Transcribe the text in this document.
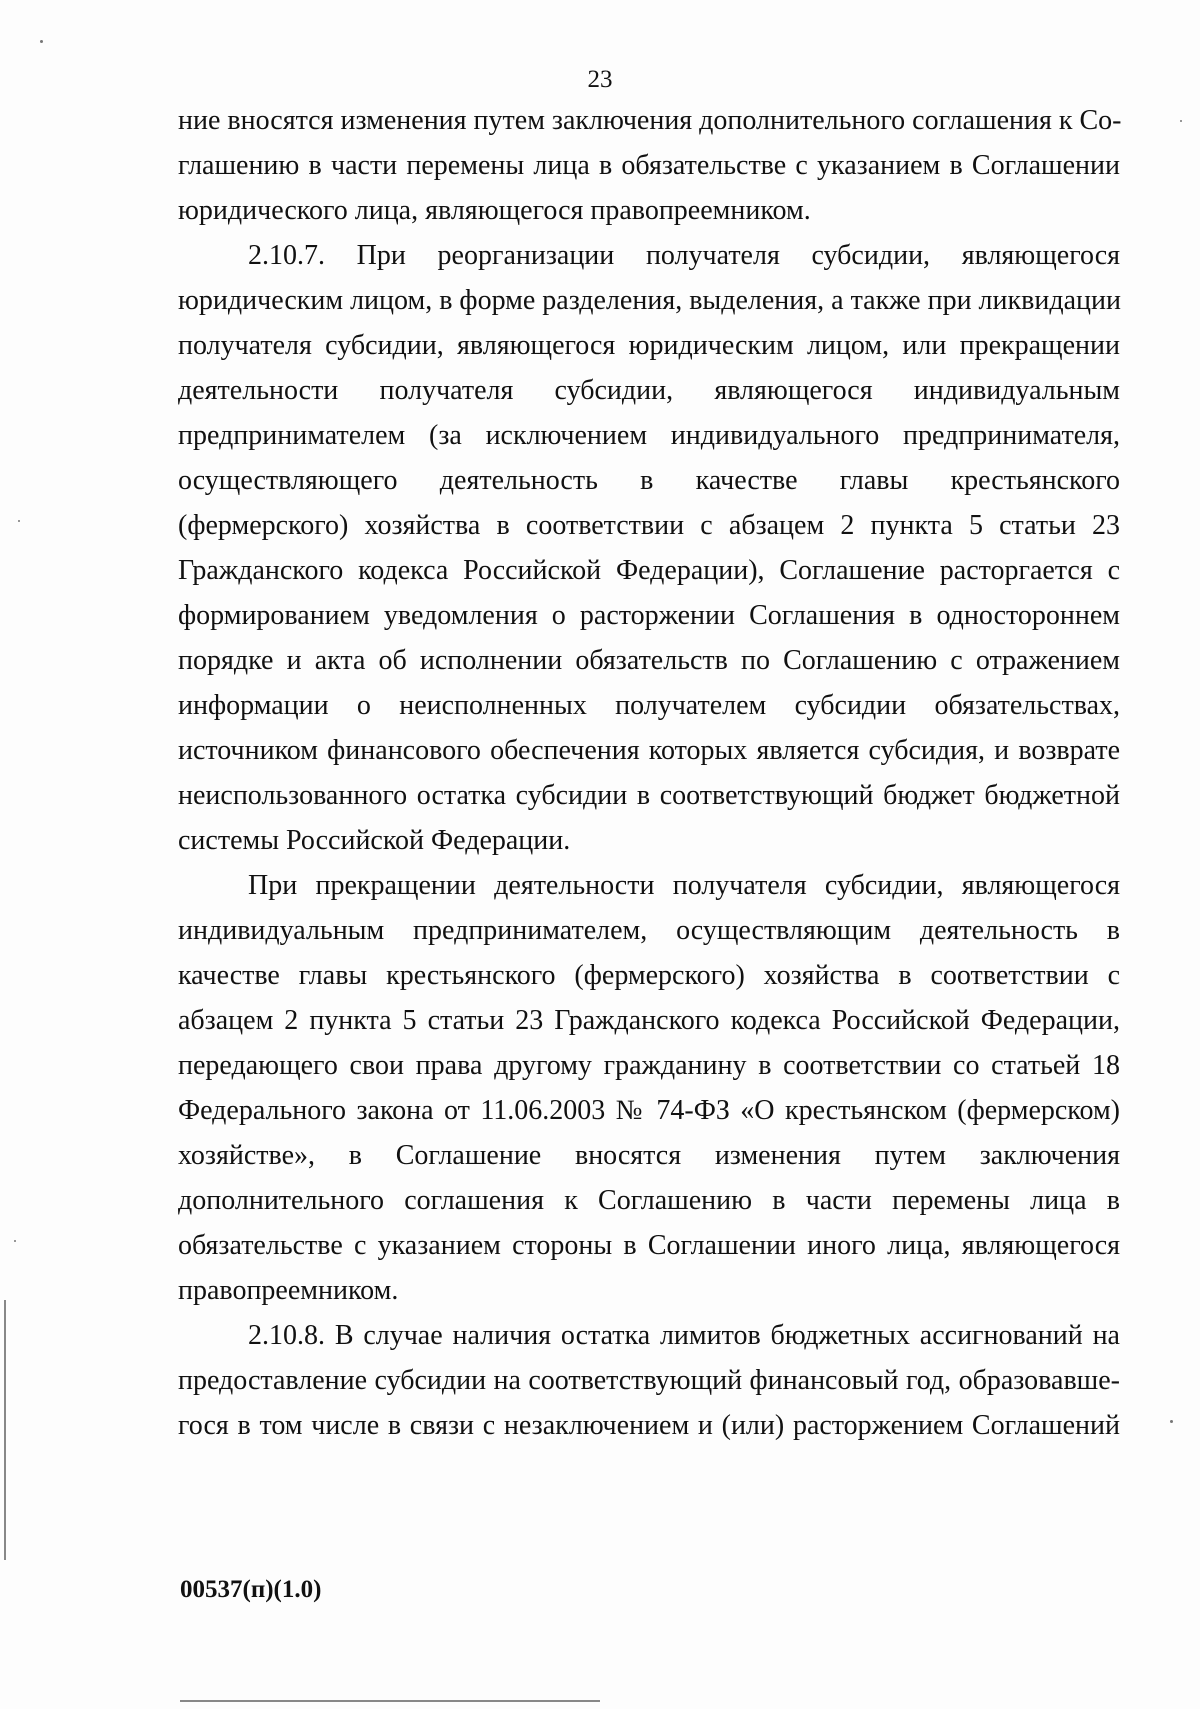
23
ние вносятся изменения путем заключения дополнительного соглашения к Со-
глашению в части перемены лица в обязательстве с указанием в Соглашении
юридического лица, являющегося правопреемником.
2.10.7. При реорганизации получателя субсидии, являющегося
юридическим лицом, в форме разделения, выделения, а также при ликвидации
получателя субсидии, являющегося юридическим лицом, или прекращении
деятельности получателя субсидии, являющегося индивидуальным
предпринимателем (за исключением индивидуального предпринимателя,
осуществляющего деятельность в качестве главы крестьянского
(фермерского) хозяйства в соответствии с абзацем 2 пункта 5 статьи 23
Гражданского кодекса Российской Федерации), Соглашение расторгается с
формированием уведомления о расторжении Соглашения в одностороннем
порядке и акта об исполнении обязательств по Соглашению с отражением
информации о неисполненных получателем субсидии обязательствах,
источником финансового обеспечения которых является субсидия, и возврате
неиспользованного остатка субсидии в соответствующий бюджет бюджетной
системы Российской Федерации.
При прекращении деятельности получателя субсидии, являющегося
индивидуальным предпринимателем, осуществляющим деятельность в
качестве главы крестьянского (фермерского) хозяйства в соответствии с
абзацем 2 пункта 5 статьи 23 Гражданского кодекса Российской Федерации,
передающего свои права другому гражданину в соответствии со статьей 18
Федерального закона от 11.06.2003 № 74-ФЗ «О крестьянском (фермерском)
хозяйстве», в Соглашение вносятся изменения путем заключения
дополнительного соглашения к Соглашению в части перемены лица в
обязательстве с указанием стороны в Соглашении иного лица, являющегося
правопреемником.
2.10.8. В случае наличия остатка лимитов бюджетных ассигнований на
предоставление субсидии на соответствующий финансовый год, образовавше-
гося в том числе в связи с незаключением и (или) расторжением Соглашений
00537(п)(1.0)
